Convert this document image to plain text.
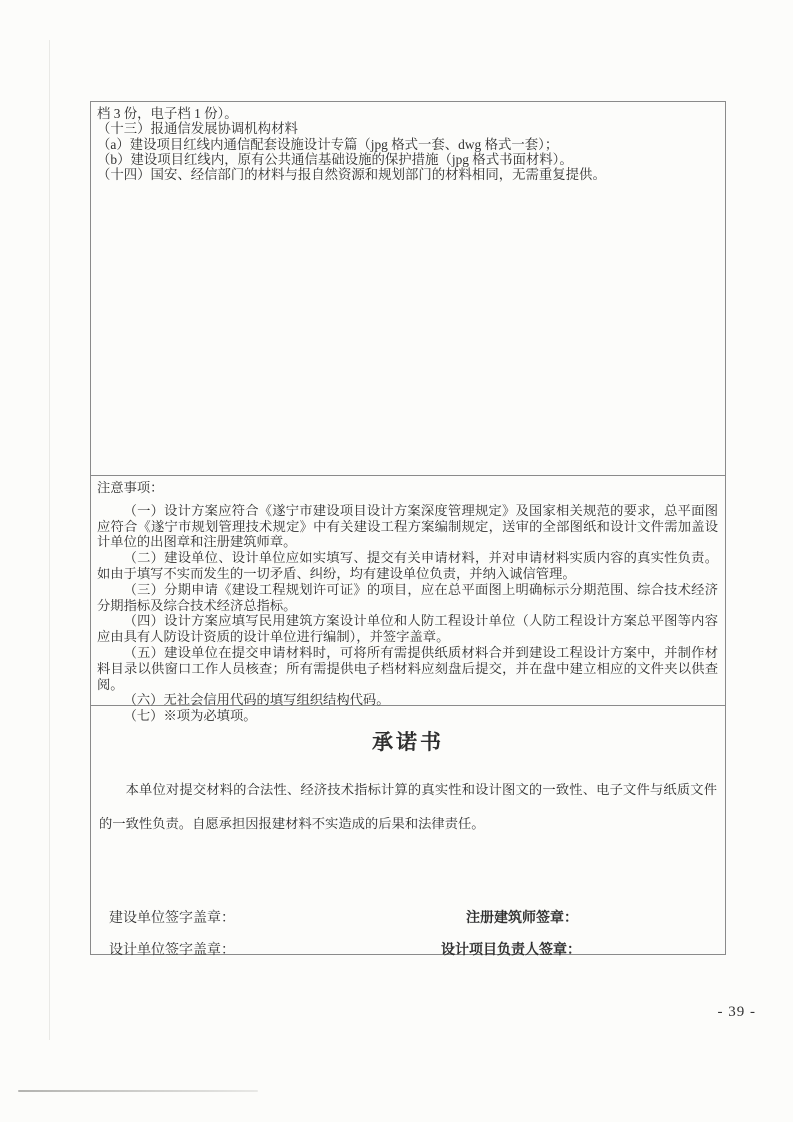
档 3 份，电子档 1 份）。
（十三）报通信发展协调机构材料
（a）建设项目红线内通信配套设施设计专篇（jpg 格式一套、dwg 格式一套）；
（b）建设项目红线内，原有公共通信基础设施的保护措施（jpg 格式书面材料）。
（十四）国安、经信部门的材料与报自然资源和规划部门的材料相同，无需重复提供。
注意事项：

（一）设计方案应符合《遂宁市建设项目设计方案深度管理规定》及国家相关规范的要求，总平面图应符合《遂宁市规划管理技术规定》中有关建设工程方案编制规定，送审的全部图纸和设计文件需加盖设计单位的出图章和注册建筑师章。

（二）建设单位、设计单位应如实填写、提交有关申请材料，并对申请材料实质内容的真实性负责。如由于填写不实而发生的一切矛盾、纠纷，均有建设单位负责，并纳入诚信管理。

（三）分期申请《建设工程规划许可证》的项目，应在总平面图上明确标示分期范围、综合技术经济分期指标及综合技术经济总指标。

（四）设计方案应填写民用建筑方案设计单位和人防工程设计单位（人防工程设计方案总平图等内容应由具有人防设计资质的设计单位进行编制），并签字盖章。

（五）建设单位在提交申请材料时，可将所有需提供纸质材料合并到建设工程设计方案中，并制作材料目录以供窗口工作人员核查；所有需提供电子档材料应刻盘后提交，并在盘中建立相应的文件夹以供查阅。

（六）无社会信用代码的填写组织结构代码。

（七）※项为必填项。

承诺书

本单位对提交材料的合法性、经济技术指标计算的真实性和设计图文的一致性、电子文件与纸质文件的一致性负责。自愿承担因报建材料不实造成的后果和法律责任。

建设单位签字盖章：	注册建筑师签章：
设计单位签字盖章：	设计项目负责人签章：
- 39 -
